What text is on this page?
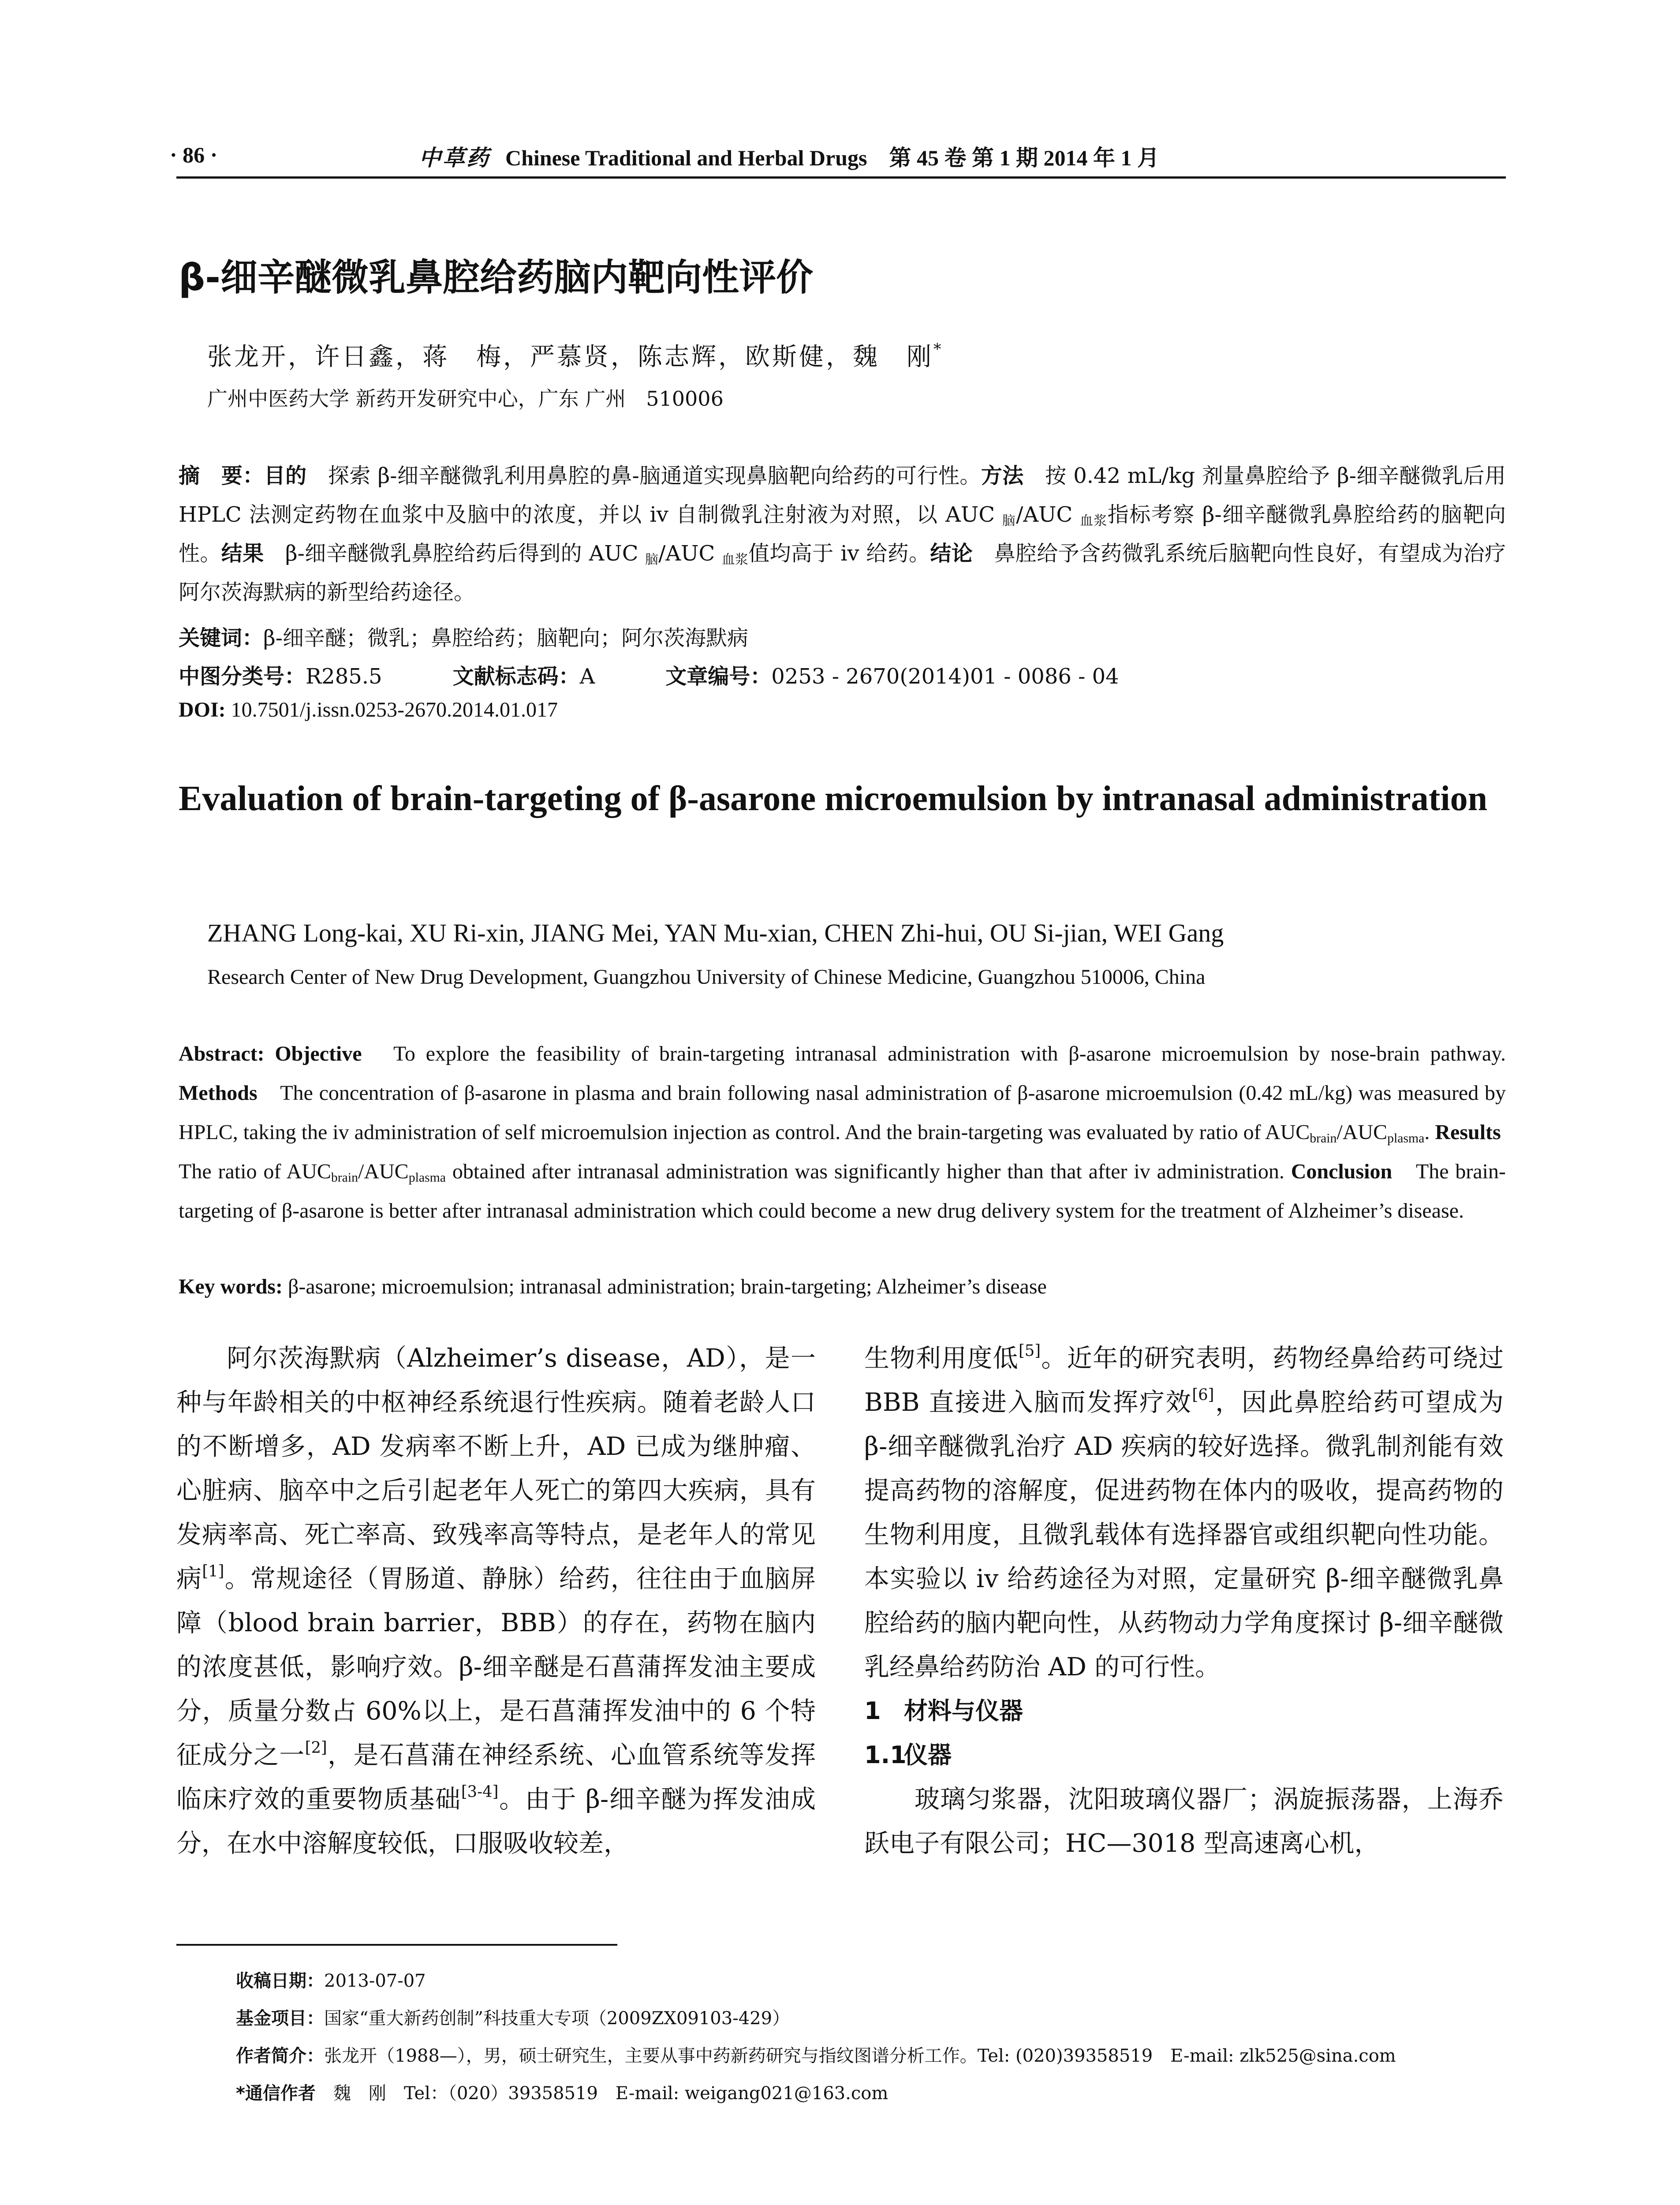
· 86 ·	中草药 Chinese Traditional and Herbal Drugs　第 45 卷 第 1 期 2014 年 1 月
β-细辛醚微乳鼻腔给药脑内靶向性评价
张龙开，许日鑫，蒋　梅，严慕贤，陈志辉，欧斯健，魏　刚*
广州中医药大学 新药开发研究中心，广东 广州　510006
摘　要：目的　探索 β-细辛醚微乳利用鼻腔的鼻-脑通道实现鼻脑靶向给药的可行性。方法　按 0.42 mL/kg 剂量鼻腔给予 β-细辛醚微乳后用 HPLC 法测定药物在血浆中及脑中的浓度，并以 iv 自制微乳注射液为对照，以 AUC $_脑$/AUC $_{血浆}$指标考察 β-细辛醚微乳鼻腔给药的脑靶向性。结果　β-细辛醚微乳鼻腔给药后得到的 AUC $_脑$/AUC $_{血浆}$值均高于 iv 给药。结论　鼻腔给予含药微乳系统后脑靶向性良好，有望成为治疗阿尔茨海默病的新型给药途径。
关键词：β-细辛醚；微乳；鼻腔给药；脑靶向；阿尔茨海默病
中图分类号：R285.5	文献标志码：A	文章编号：0253 - 2670(2014)01 - 0086 - 04
DOI: 10.7501/j.issn.0253-2670.2014.01.017
Evaluation of brain-targeting of β-asarone microemulsion by intranasal administration
ZHANG Long-kai, XU Ri-xin, JIANG Mei, YAN Mu-xian, CHEN Zhi-hui, OU Si-jian, WEI Gang
Research Center of New Drug Development, Guangzhou University of Chinese Medicine, Guangzhou 510006, China
Abstract: Objective　To explore the feasibility of brain-targeting intranasal administration with β-asarone microemulsion by nose-brain pathway. Methods　The concentration of β-asarone in plasma and brain following nasal administration of β-asarone microemulsion (0.42 mL/kg) was measured by HPLC, taking the iv administration of self microemulsion injection as control. And the brain-targeting was evaluated by ratio of $AUC_{brain}/AUC_{plasma}$. Results　The ratio of $AUC_{brain}/AUC_{plasma}$ obtained after intranasal administration was significantly higher than that after iv administration. Conclusion　The brain-targeting of β-asarone is better after intranasal administration which could become a new drug delivery system for the treatment of Alzheimer’s disease.
Key words: β-asarone; microemulsion; intranasal administration; brain-targeting; Alzheimer’s disease
阿尔茨海默病（Alzheimer’s disease，AD），是一种与年龄相关的中枢神经系统退行性疾病。随着老龄人口的不断增多，AD 发病率不断上升，AD 已成为继肿瘤、心脏病、脑卒中之后引起老年人死亡的第四大疾病，具有发病率高、死亡率高、致残率高等特点，是老年人的常见病[1]。常规途径（胃肠道、静脉）给药，往往由于血脑屏障（blood brain barrier，BBB）的存在，药物在脑内的浓度甚低，影响疗效。β-细辛醚是石菖蒲挥发油主要成分，质量分数占 60%以上，是石菖蒲挥发油中的 6 个特征成分之一[2]，是石菖蒲在神经系统、心血管系统等发挥临床疗效的重要物质基础[3-4]。由于 β-细辛醚为挥发油成分，在水中溶解度较低，口服吸收较差，
生物利用度低[5]。近年的研究表明，药物经鼻给药可绕过 BBB 直接进入脑而发挥疗效[6]，因此鼻腔给药可望成为 β-细辛醚微乳治疗 AD 疾病的较好选择。微乳制剂能有效提高药物的溶解度，促进药物在体内的吸收，提高药物的生物利用度，且微乳载体有选择器官或组织靶向性功能。本实验以 iv 给药途径为对照，定量研究 β-细辛醚微乳鼻腔给药的脑内靶向性，从药物动力学角度探讨 β-细辛醚微乳经鼻给药防治 AD 的可行性。
1 材料与仪器
1.1仪器
玻璃匀浆器，沈阳玻璃仪器厂；涡旋振荡器，上海乔跃电子有限公司；HC—3018 型高速离心机，
收稿日期：2013-07-07
基金项目：国家“重大新药创制”科技重大专项（2009ZX09103-429）
作者简介：张龙开（1988—），男，硕士研究生，主要从事中药新药研究与指纹图谱分析工作。Tel: (020)39358519　E-mail: zlk525@sina.com
*通信作者　魏　刚　Tel：（020）39358519　E-mail: weigang021@163.com
